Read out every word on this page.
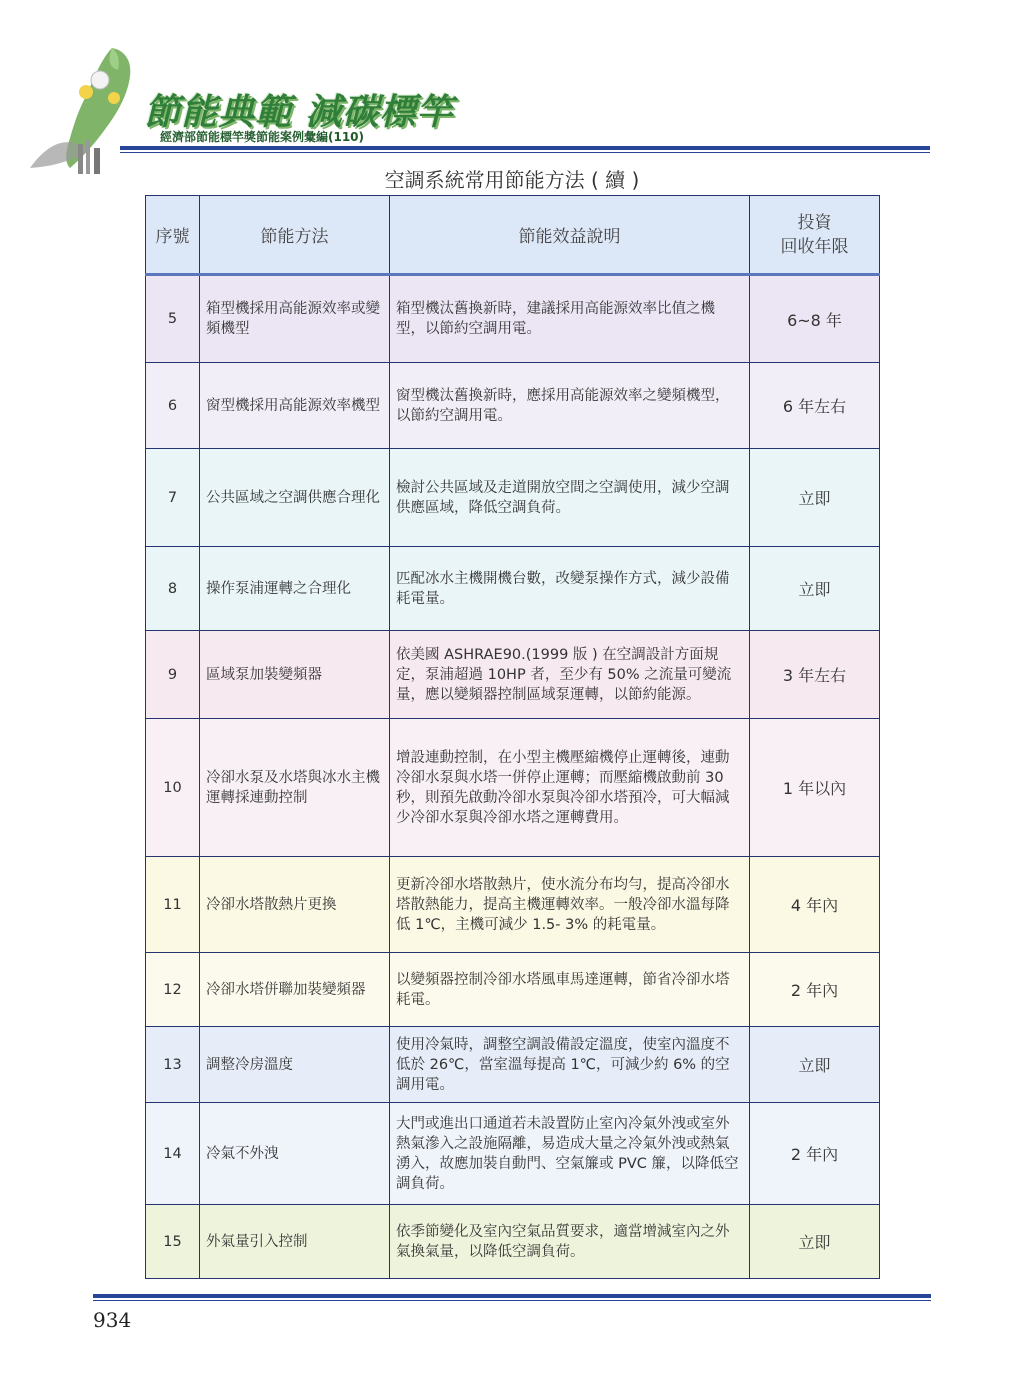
節能典範 減碳標竿
經濟部節能標竿獎節能案例彙編(110)
空調系統常用節能方法 ( 續 )
序號	節能方法	節能效益說明	投資
回收年限
5	箱型機採用高能源效率或變頻機型	箱型機汰舊換新時，建議採用高能源效率比值之機型，以節約空調用電。	6~8 年
6	窗型機採用高能源效率機型	窗型機汰舊換新時，應採用高能源效率之變頻機型，以節約空調用電。	6 年左右
7	公共區域之空調供應合理化	檢討公共區域及走道開放空間之空調使用，減少空調供應區域，降低空調負荷。	立即
8	操作泵浦運轉之合理化	匹配冰水主機開機台數，改變泵操作方式，減少設備耗電量。	立即
9	區域泵加裝變頻器	依美國 ASHRAE90.(1999 版 ) 在空調設計方面規定，泵浦超過 10HP 者，至少有 50% 之流量可變流量，應以變頻器控制區域泵運轉，以節約能源。	3 年左右
10	冷卻水泵及水塔與冰水主機運轉採連動控制	增設連動控制，在小型主機壓縮機停止運轉後，連動冷卻水泵與水塔一併停止運轉；而壓縮機啟動前 30 秒，則預先啟動冷卻水泵與冷卻水塔預冷，可大幅減少冷卻水泵與冷卻水塔之運轉費用。	1 年以內
11	冷卻水塔散熱片更換	更新冷卻水塔散熱片，使水流分布均勻，提高冷卻水塔散熱能力，提高主機運轉效率。一般冷卻水溫每降低 1℃，主機可減少 1.5- 3% 的耗電量。	4 年內
12	冷卻水塔併聯加裝變頻器	以變頻器控制冷卻水塔風車馬達運轉，節省冷卻水塔耗電。	2 年內
13	調整冷房溫度	使用冷氣時，調整空調設備設定溫度，使室內溫度不低於 26℃，當室溫每提高 1℃，可減少約 6% 的空調用電。	立即
14	冷氣不外洩	大門或進出口通道若未設置防止室內冷氣外洩或室外熱氣滲入之設施隔離，易造成大量之冷氣外洩或熱氣湧入，故應加裝自動門、空氣簾或 PVC 簾，以降低空調負荷。	2 年內
15	外氣量引入控制	依季節變化及室內空氣品質要求，適當增減室內之外氣換氣量，以降低空調負荷。	立即
934
